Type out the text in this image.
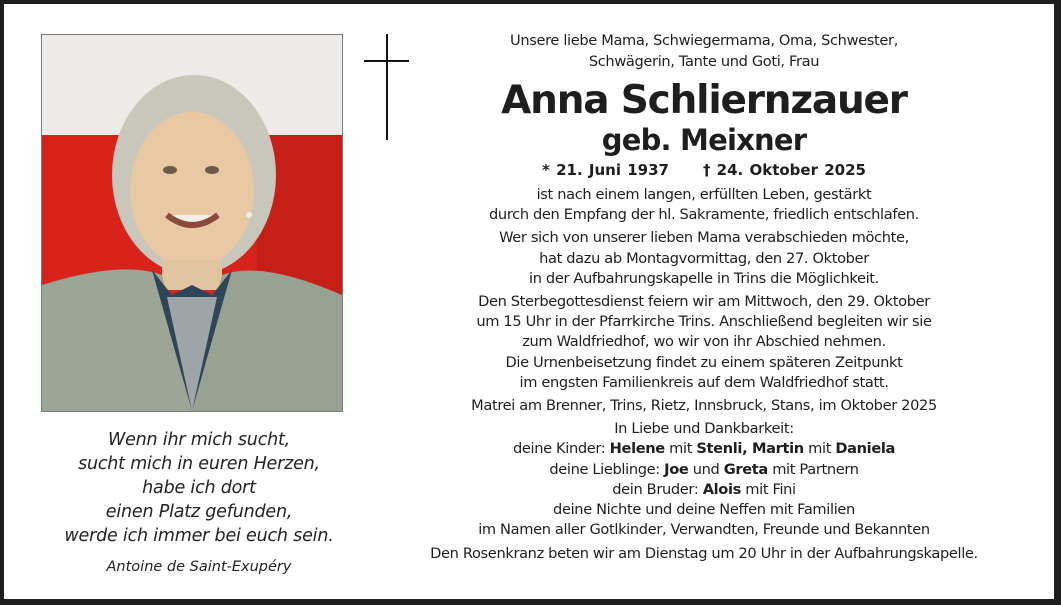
Wenn ihr mich sucht,
sucht mich in euren Herzen,
habe ich dort
einen Platz gefunden,
werde ich immer bei euch sein.
Antoine de Saint-Exupéry
Unsere liebe Mama, Schwiegermama, Oma, Schwester,
Schwägerin, Tante und Goti, Frau
Anna Schliernzauer
geb. Meixner
* 21. Juni 1937 † 24. Oktober 2025
ist nach einem langen, erfüllten Leben, gestärkt
durch den Empfang der hl. Sakramente, friedlich entschlafen.
Wer sich von unserer lieben Mama verabschieden möchte,
hat dazu ab Montagvormittag, den 27. Oktober
in der Aufbahrungskapelle in Trins die Möglichkeit.
Den Sterbegottesdienst feiern wir am Mittwoch, den 29. Oktober
um 15 Uhr in der Pfarrkirche Trins. Anschließend begleiten wir sie
zum Waldfriedhof, wo wir von ihr Abschied nehmen.
Die Urnenbeisetzung findet zu einem späteren Zeitpunkt
im engsten Familienkreis auf dem Waldfriedhof statt.
Matrei am Brenner, Trins, Rietz, Innsbruck, Stans, im Oktober 2025
In Liebe und Dankbarkeit:
deine Kinder: Helene mit Stenli, Martin mit Daniela
deine Lieblinge: Joe und Greta mit Partnern
dein Bruder: Alois mit Fini
deine Nichte und deine Neffen mit Familien
im Namen aller Gotlkinder, Verwandten, Freunde und Bekannten
Den Rosenkranz beten wir am Dienstag um 20 Uhr in der Aufbahrungskapelle.
